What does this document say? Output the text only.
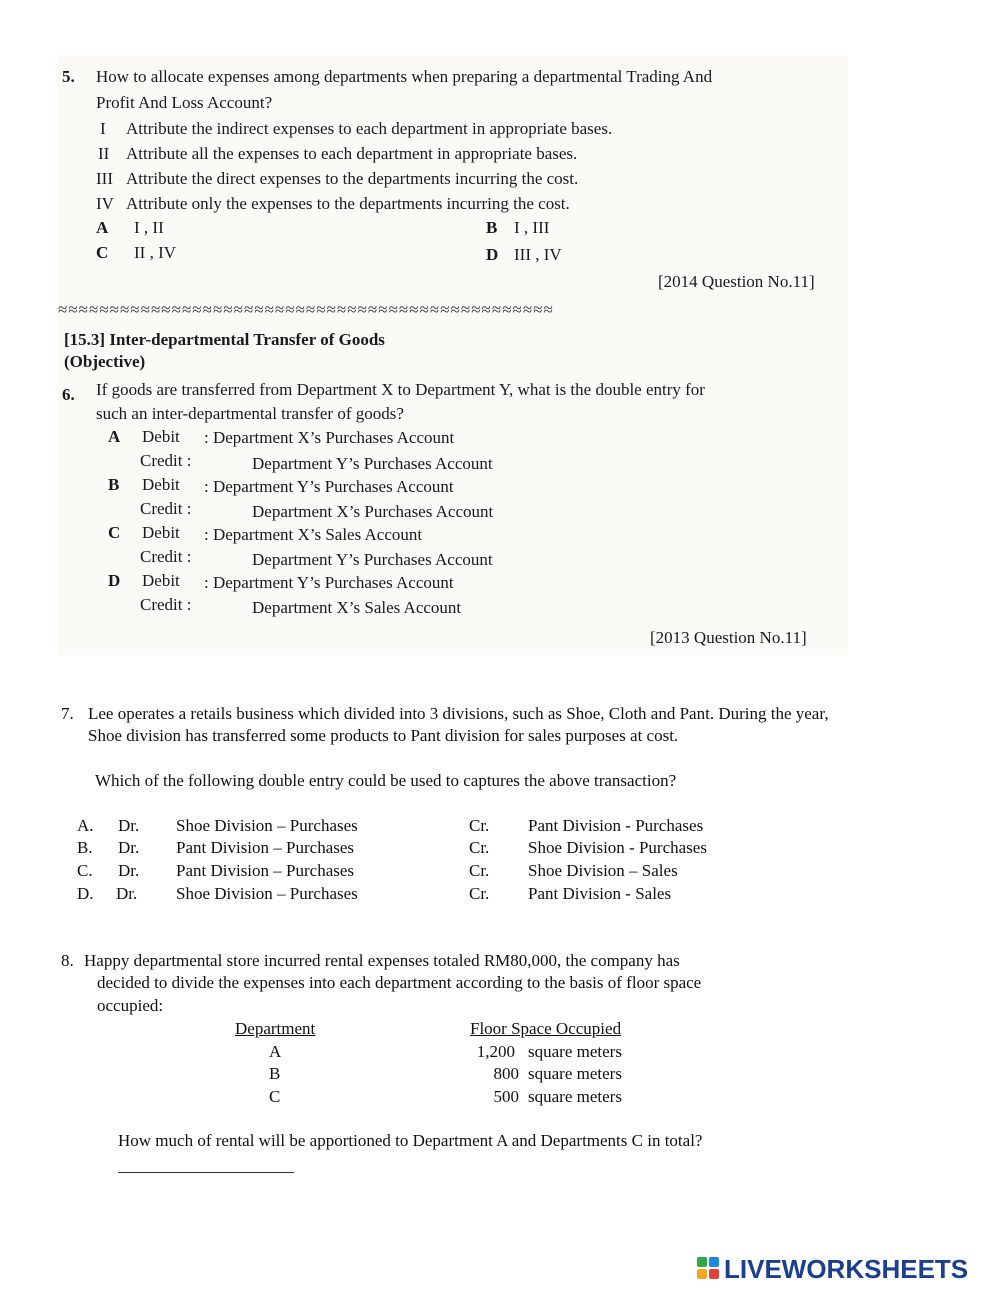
5. How to allocate expenses among departments when preparing a departmental Trading And
Profit And Loss Account?
I Attribute the indirect expenses to each department in appropriate bases.
II Attribute all the expenses to each department in appropriate bases.
III Attribute the direct expenses to the departments incurring the cost.
IV Attribute only the expenses to the departments incurring the cost.
A I , II	B I , III
C II , IV	D III , IV
[2014 Question No.11]
≈≈≈≈≈≈≈≈≈≈≈≈≈≈≈≈≈≈≈≈≈≈≈≈≈≈≈≈≈≈≈≈≈≈≈≈≈≈≈≈≈≈≈≈≈≈≈≈
[15.3] Inter-departmental Transfer of Goods
(Objective)
6. If goods are transferred from Department X to Department Y, what is the double entry for
such an inter-departmental transfer of goods?
A Debit : Department X’s Purchases Account
Credit :	Department Y’s Purchases Account
B Debit : Department Y’s Purchases Account
Credit :	Department X’s Purchases Account
C Debit : Department X’s Sales Account
Credit :	Department Y’s Purchases Account
D Debit : Department Y’s Purchases Account
Credit :	Department X’s Sales Account
[2013 Question No.11]
7. Lee operates a retails business which divided into 3 divisions, such as Shoe, Cloth and Pant. During the year,
Shoe division has transferred some products to Pant division for sales purposes at cost.
Which of the following double entry could be used to captures the above transaction?
A. Dr. Shoe Division – Purchases	Cr. Pant Division - Purchases
B. Dr. Pant Division – Purchases	Cr. Shoe Division - Purchases
C. Dr. Pant Division – Purchases	Cr. Shoe Division – Sales
D. Dr. Shoe Division – Purchases	Cr. Pant Division - Sales
8. Happy departmental store incurred rental expenses totaled RM80,000, the company has
decided to divide the expenses into each department according to the basis of floor space
occupied:
Department	Floor Space Occupied
A	1,200 square meters
B	800 square meters
C	500 square meters
How much of rental will be apportioned to Department A and Departments C in total?
LIVEWORKSHEETS
